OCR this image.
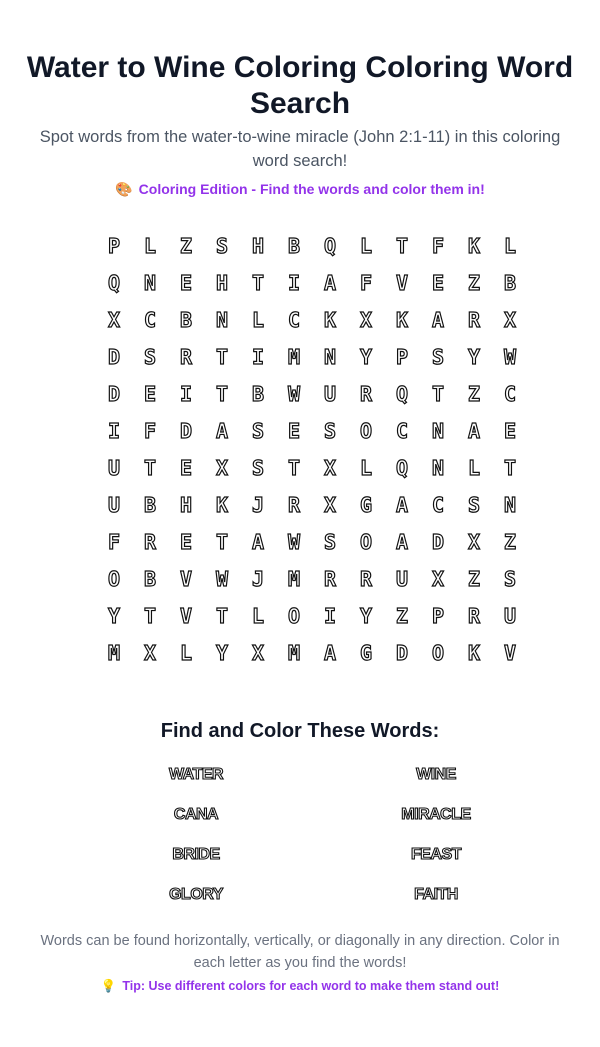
Water to Wine Coloring Coloring Word Search

Spot words from the water-to-wine miracle (John 2:1-11) in this coloring word search!

🎨 Coloring Edition - Find the words and color them in!

P	L	Z	S	H	B	Q	L	T	F	K	L
Q	N	E	H	T	I	A	F	V	E	Z	B
X	C	B	N	L	C	K	X	K	A	R	X
D	S	R	T	I	M	N	Y	P	S	Y	W
D	E	I	T	B	W	U	R	Q	T	Z	C
I	F	D	A	S	E	S	O	C	N	A	E
U	T	E	X	S	T	X	L	Q	N	L	T
U	B	H	K	J	R	X	G	A	C	S	N
F	R	E	T	A	W	S	O	A	D	X	Z
O	B	V	W	J	M	R	R	U	X	Z	S
Y	T	V	T	L	O	I	Y	Z	P	R	U
M	X	L	Y	X	M	A	G	D	O	K	V
Find and Color These Words:
WATER	WINE
CANA	MIRACLE
BRIDE	FEAST
GLORY	FAITH

Words can be found horizontally, vertically, or diagonally in any direction. Color in each letter as you find the words!

💡 Tip: Use different colors for each word to make them stand out!
